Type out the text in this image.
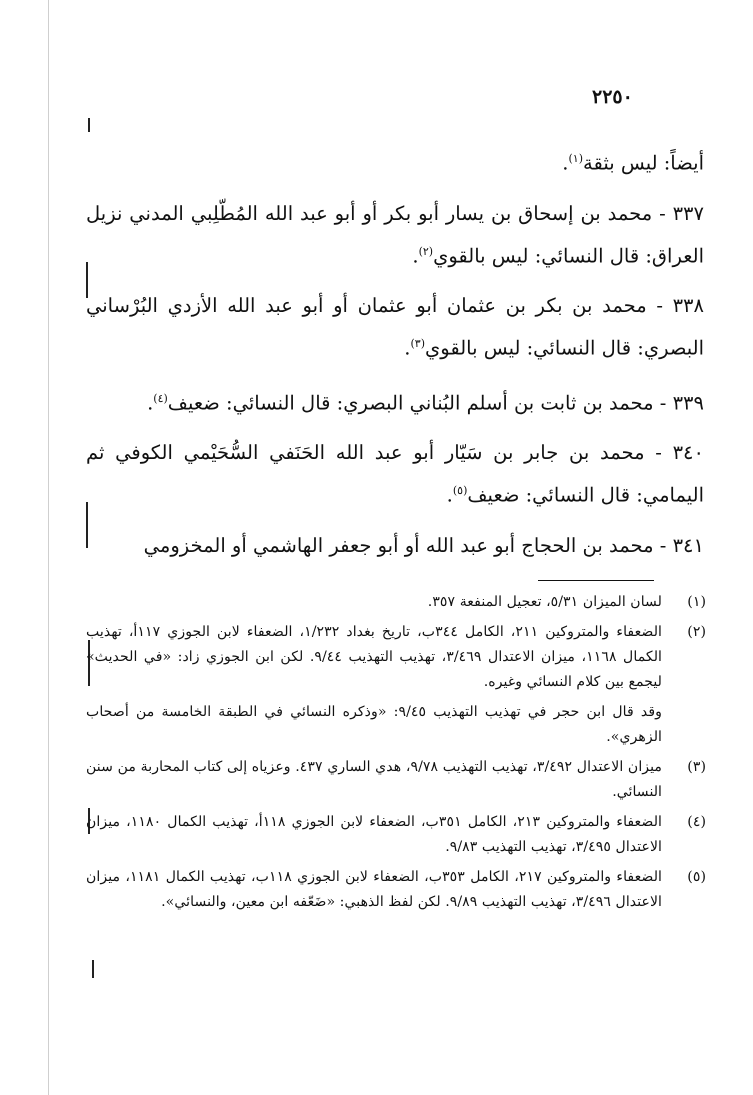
٢٢٥٠

أيضاً: ليس بثقة$^{(١)}$.

٣٣٧ - محمد بن إسحاق بن يسار أبو بكر أو أبو عبد الله المُطّلِبي المدني نزيل العراق: قال النسائي: ليس بالقوي$^{(٢)}$.

٣٣٨ - محمد بن بكر بن عثمان أبو عثمان أو أبو عبد الله الأزدي البُرْساني البصري: قال النسائي: ليس بالقوي$^{(٣)}$.

٣٣٩ - محمد بن ثابت بن أسلم البُناني البصري: قال النسائي: ضعيف$^{(٤)}$.

٣٤٠ - محمد بن جابر بن سَيّار أبو عبد الله الحَنَفي السُّحَيْمي الكوفي ثم اليمامي: قال النسائي: ضعيف$^{(٥)}$.

٣٤١ - محمد بن الحجاج أبو عبد الله أو أبو جعفر الهاشمي أو المخزومي

(١)
لسان الميزان ٥/٣١، تعجيل المنفعة ٣٥٧.
(٢)
الضعفاء والمتروكين ٢١١، الكامل ٣٤٤ب، تاريخ بغداد ١/٢٣٢، الضعفاء لابن الجوزي ١١٧أ، تهذيب الكمال ١١٦٨، ميزان الاعتدال ٣/٤٦٩، تهذيب التهذيب ٩/٤٤. لكن ابن الجوزي زاد: «في الحديث» ليجمع بين كلام النسائي وغيره.
وقد قال ابن حجر في تهذيب التهذيب ٩/٤٥: «وذكره النسائي في الطبقة الخامسة من أصحاب الزهري».
(٣)
ميزان الاعتدال ٣/٤٩٢، تهذيب التهذيب ٩/٧٨، هدي الساري ٤٣٧. وعزياه إلى كتاب المحاربة من سنن النسائي.
(٤)
الضعفاء والمتروكين ٢١٣، الكامل ٣٥١ب، الضعفاء لابن الجوزي ١١٨أ، تهذيب الكمال ١١٨٠، ميزان الاعتدال ٣/٤٩٥، تهذيب التهذيب ٩/٨٣.
(٥)
الضعفاء والمتروكين ٢١٧، الكامل ٣٥٣ب، الضعفاء لابن الجوزي ١١٨ب، تهذيب الكمال ١١٨١، ميزان الاعتدال ٣/٤٩٦، تهذيب التهذيب ٩/٨٩. لكن لفظ الذهبي: «ضَعّفه ابن معين، والنسائي».
